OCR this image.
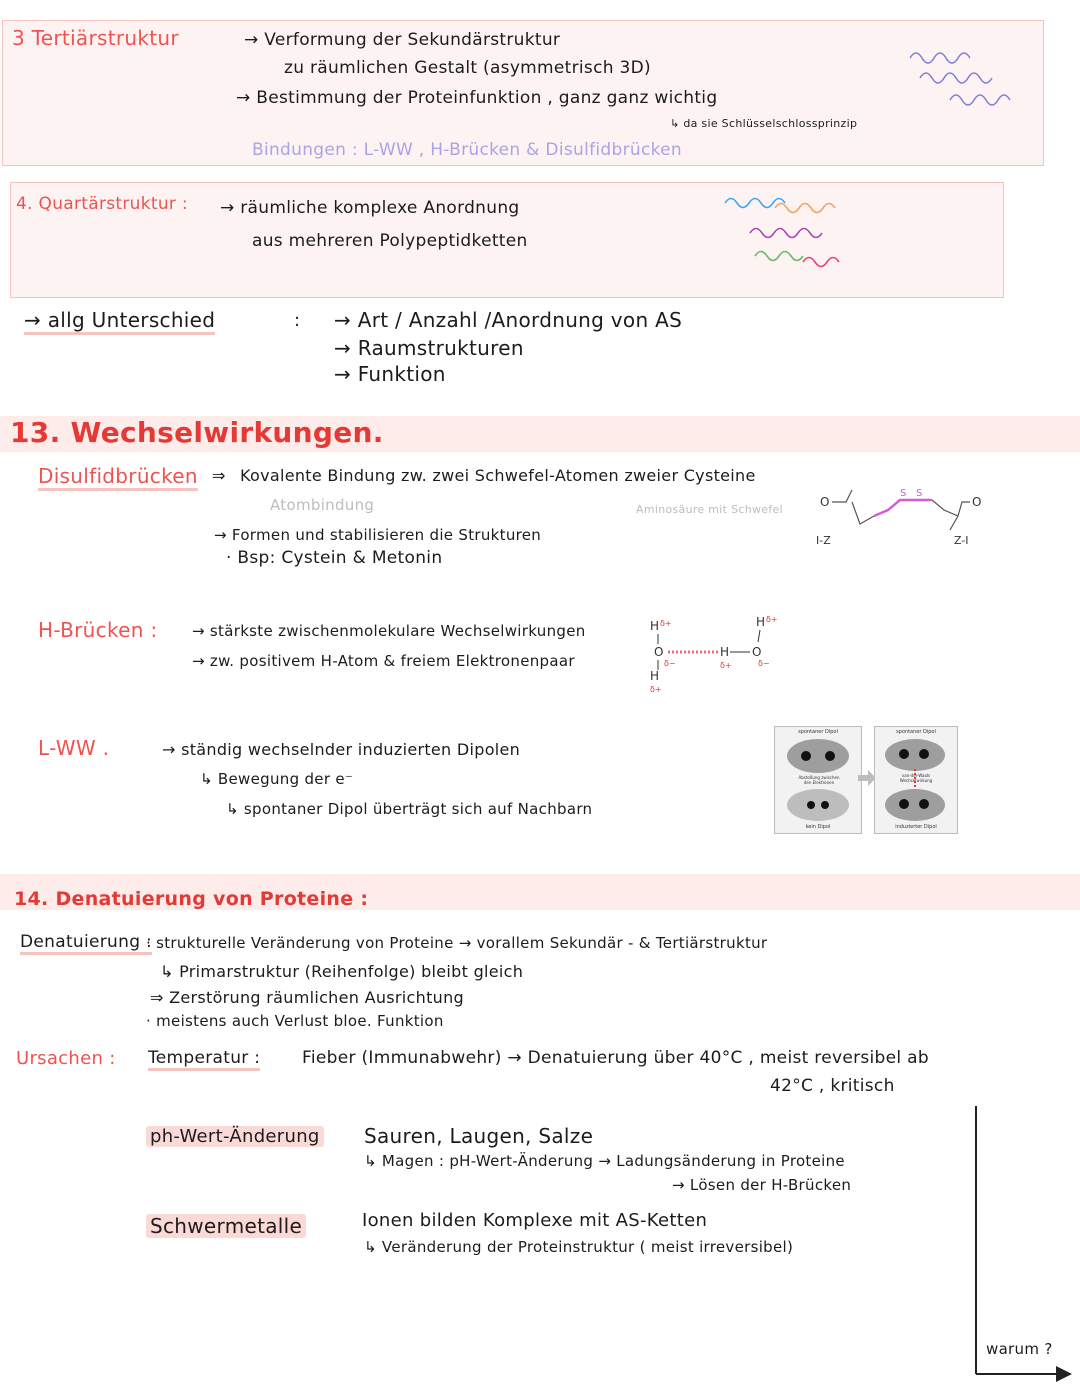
3 Tertiärstruktur	→ Verformung der Sekundärstruktur
zu räumlichen Gestalt (asymmetrisch 3D)
→ Bestimmung der Proteinfunktion , ganz ganz wichtig
↳ da sie Schlüsselschlossprinzip
Bindungen : L-WW , H-Brücken & Disulfidbrücken
4. Quartärstruktur : → räumliche komplexe Anordnung
aus mehreren Polypeptidketten
→ allg Unterschied	: → Art / Anzahl /Anordnung von AS
→ Raumstrukturen
→ Funktion
13. Wechselwirkungen.
Disulfidbrücken ⇒ Kovalente Bindung zw. zwei Schwefel-Atomen zweier Cysteine
Atombindung	Aminosäure mit Schwefel
→ Formen und stabilisieren die Strukturen
· Bsp: Cystein & Metonin
O	O
I-Z	Z-I
S S
H-Brücken : → stärkste zwischenmolekulare Wechselwirkungen
→ zw. positivem H-Atom & freiem Elektronenpaar
H δ+
O
δ−
H
δ+
H
δ+
O
δ−
H δ+
L-WW .	→ ständig wechselnder induzierten Dipolen
↳ Bewegung der e⁻
↳ spontaner Dipol überträgt sich auf Nachbarn
spontaner Dipol
Abstoßung zwischen den Elektronen
kein Dipol
spontaner Dipol
van-der-Waals Wechselwirkung
induzierter Dipol
14. Denatuierung von Proteine :
Denatuierung :
· strukturelle Veränderung von Proteine → vorallem Sekundär - & Tertiärstruktur
↳ Primarstruktur (Reihenfolge) bleibt gleich
⇒ Zerstörung räumlichen Ausrichtung
· meistens auch Verlust bloe. Funktion
Ursachen : Temperatur : Fieber (Immunabwehr) → Denatuierung über 40°C , meist reversibel ab
42°C , kritisch
ph-Wert-Änderung Sauren, Laugen, Salze
↳ Magen : pH-Wert-Änderung → Ladungsänderung in Proteine
→ Lösen der H-Brücken
Schwermetalle	Ionen bilden Komplexe mit AS-Ketten
↳ Veränderung der Proteinstruktur ( meist irreversibel)
warum ?
